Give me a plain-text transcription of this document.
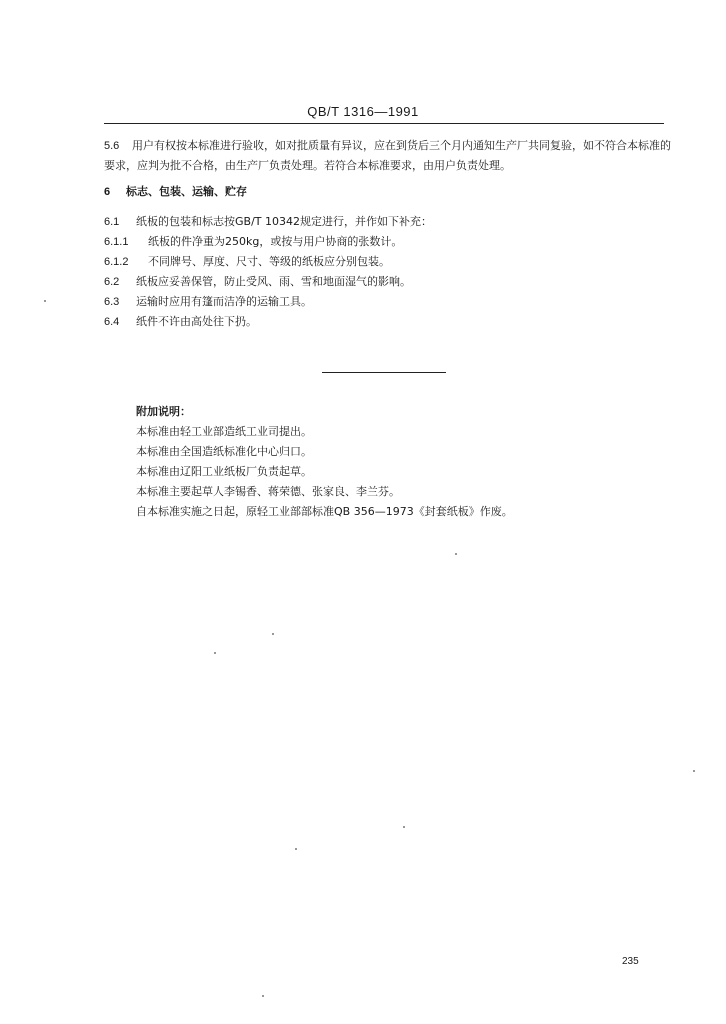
QB/T 1316—1991

5.6 用户有权按本标准进行验收，如对批质量有异议，应在到货后三个月内通知生产厂共同复验，如不符合本标准的要求，应判为批不合格，由生产厂负责处理。若符合本标准要求，由用户负责处理。

6 标志、包装、运输、贮存
6.1 纸板的包装和标志按GB/T 10342规定进行，并作如下补充：
6.1.1 纸板的件净重为250kg，或按与用户协商的张数计。
6.1.2 不同牌号、厚度、尺寸、等级的纸板应分别包装。
6.2 纸板应妥善保管，防止受风、雨、雪和地面湿气的影响。
6.3 运输时应用有篷而洁净的运输工具。
6.4 纸件不许由高处往下扔。
附加说明：
本标准由轻工业部造纸工业司提出。
本标准由全国造纸标准化中心归口。
本标准由辽阳工业纸板厂负责起草。
本标准主要起草人李锡香、蒋荣德、张家良、李兰芬。
自本标准实施之日起，原轻工业部部标准QB 356—1973《封套纸板》作废。
235
